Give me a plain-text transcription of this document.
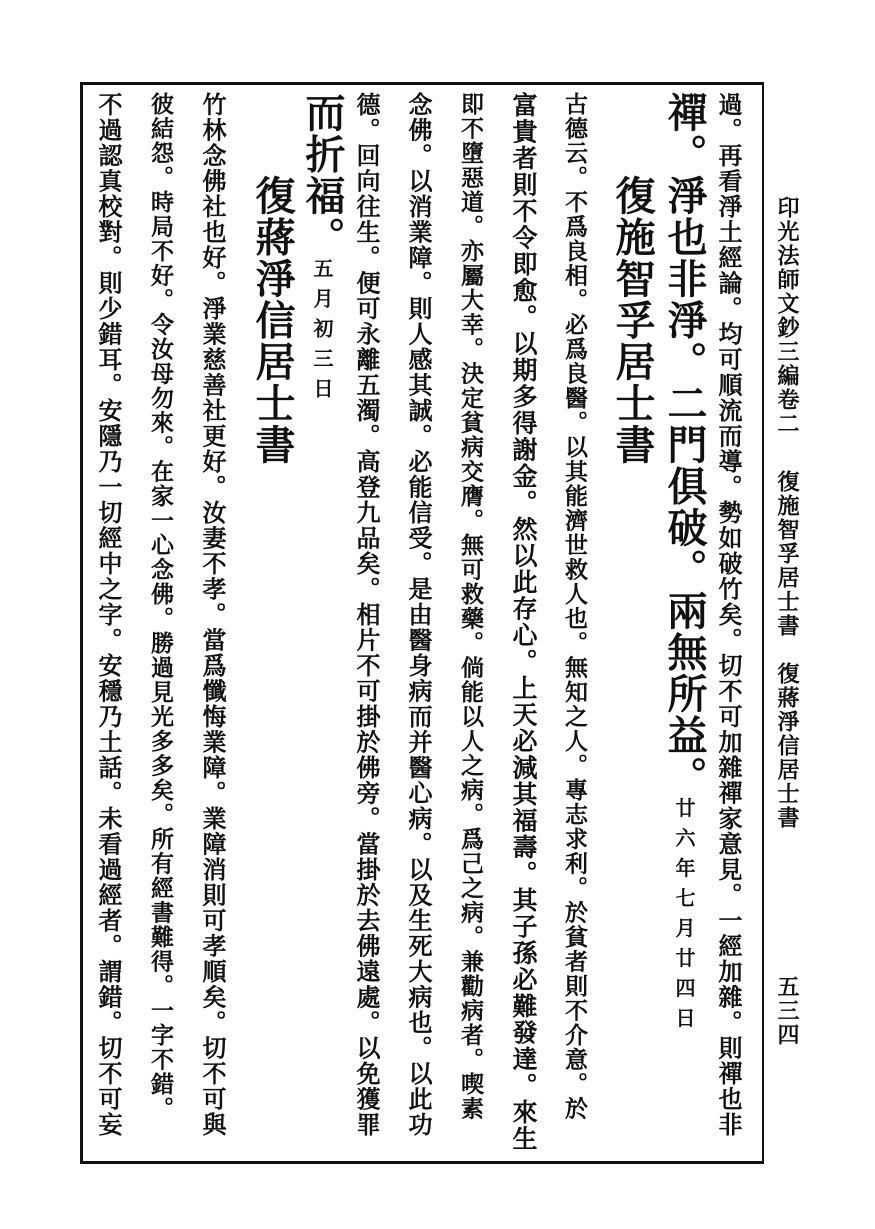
印光法師文鈔三編卷二
復施智孚居士書　復蔣淨信居士書
五三四
過。再看淨土經論。均可順流而導。勢如破竹矣。切不可加雜禪家意見。一經加雜。則禪也非
禪。淨也非淨。二門俱破。兩無所益。廿六年七月廿四日
　　復施智孚居士書
古德云。不爲良相。必爲良醫。以其能濟世救人也。無知之人。專志求利。於貧者則不介意。於
富貴者則不令即愈。以期多得謝金。然以此存心。上天必減其福壽。其子孫必難發達。來生
即不墮惡道。亦屬大幸。決定貧病交膺。無可救藥。倘能以人之病。爲己之病。兼勸病者。喫素
念佛。以消業障。則人感其誠。必能信受。是由醫身病而并醫心病。以及生死大病也。以此功
德。回向往生。便可永離五濁。高登九品矣。相片不可掛於佛旁。當掛於去佛遠處。以免獲罪
而折福。五月初三日
　　復蔣淨信居士書
竹林念佛社也好。淨業慈善社更好。汝妻不孝。當爲懺悔業障。業障消則可孝順矣。切不可與
彼結怨。時局不好。令汝母勿來。在家一心念佛。勝過見光多多矣。所有經書難得。一字不錯。
不過認真校對。則少錯耳。安隱乃一切經中之字。安穩乃土話。未看過經者。謂錯。切不可妄
